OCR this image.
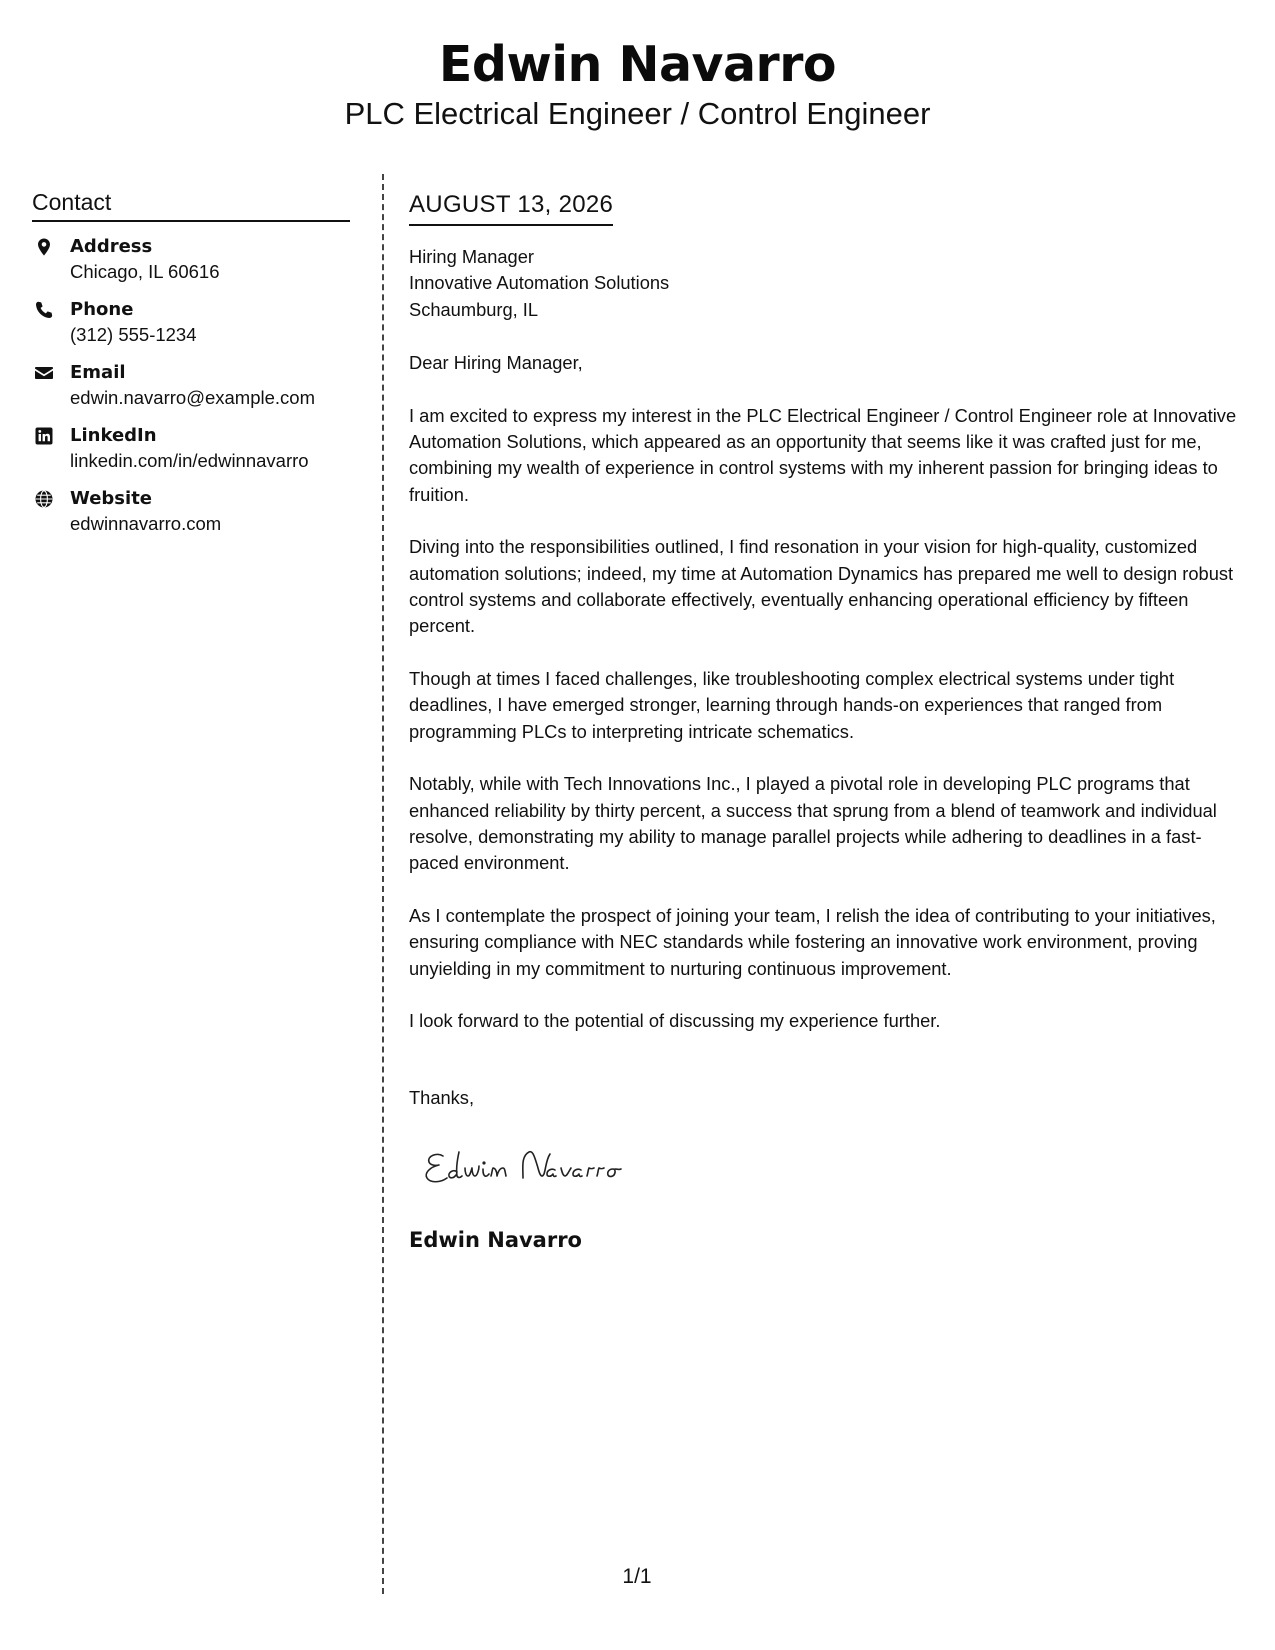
Edwin Navarro
PLC Electrical Engineer / Control Engineer
Contact
Address
Chicago, IL 60616
Phone
(312) 555-1234
Email
edwin.navarro@example.com
LinkedIn
linkedin.com/in/edwinnavarro
Website
edwinnavarro.com
AUGUST 13, 2026
Hiring Manager
Innovative Automation Solutions
Schaumburg, IL
Dear Hiring Manager,
I am excited to express my interest in the PLC Electrical Engineer / Control Engineer role at Innovative Automation Solutions, which appeared as an opportunity that seems like it was crafted just for me, combining my wealth of experience in control systems with my inherent passion for bringing ideas to fruition.
Diving into the responsibilities outlined, I find resonation in your vision for high-quality, customized automation solutions; indeed, my time at Automation Dynamics has prepared me well to design robust control systems and collaborate effectively, eventually enhancing operational efficiency by fifteen percent.
Though at times I faced challenges, like troubleshooting complex electrical systems under tight deadlines, I have emerged stronger, learning through hands-on experiences that ranged from programming PLCs to interpreting intricate schematics.
Notably, while with Tech Innovations Inc., I played a pivotal role in developing PLC programs that enhanced reliability by thirty percent, a success that sprung from a blend of teamwork and individual resolve, demonstrating my ability to manage parallel projects while adhering to deadlines in a fast-paced environment.
As I contemplate the prospect of joining your team, I relish the idea of contributing to your initiatives, ensuring compliance with NEC standards while fostering an innovative work environment, proving unyielding in my commitment to nurturing continuous improvement.
I look forward to the potential of discussing my experience further.
Thanks,
Edwin Navarro
1/1
